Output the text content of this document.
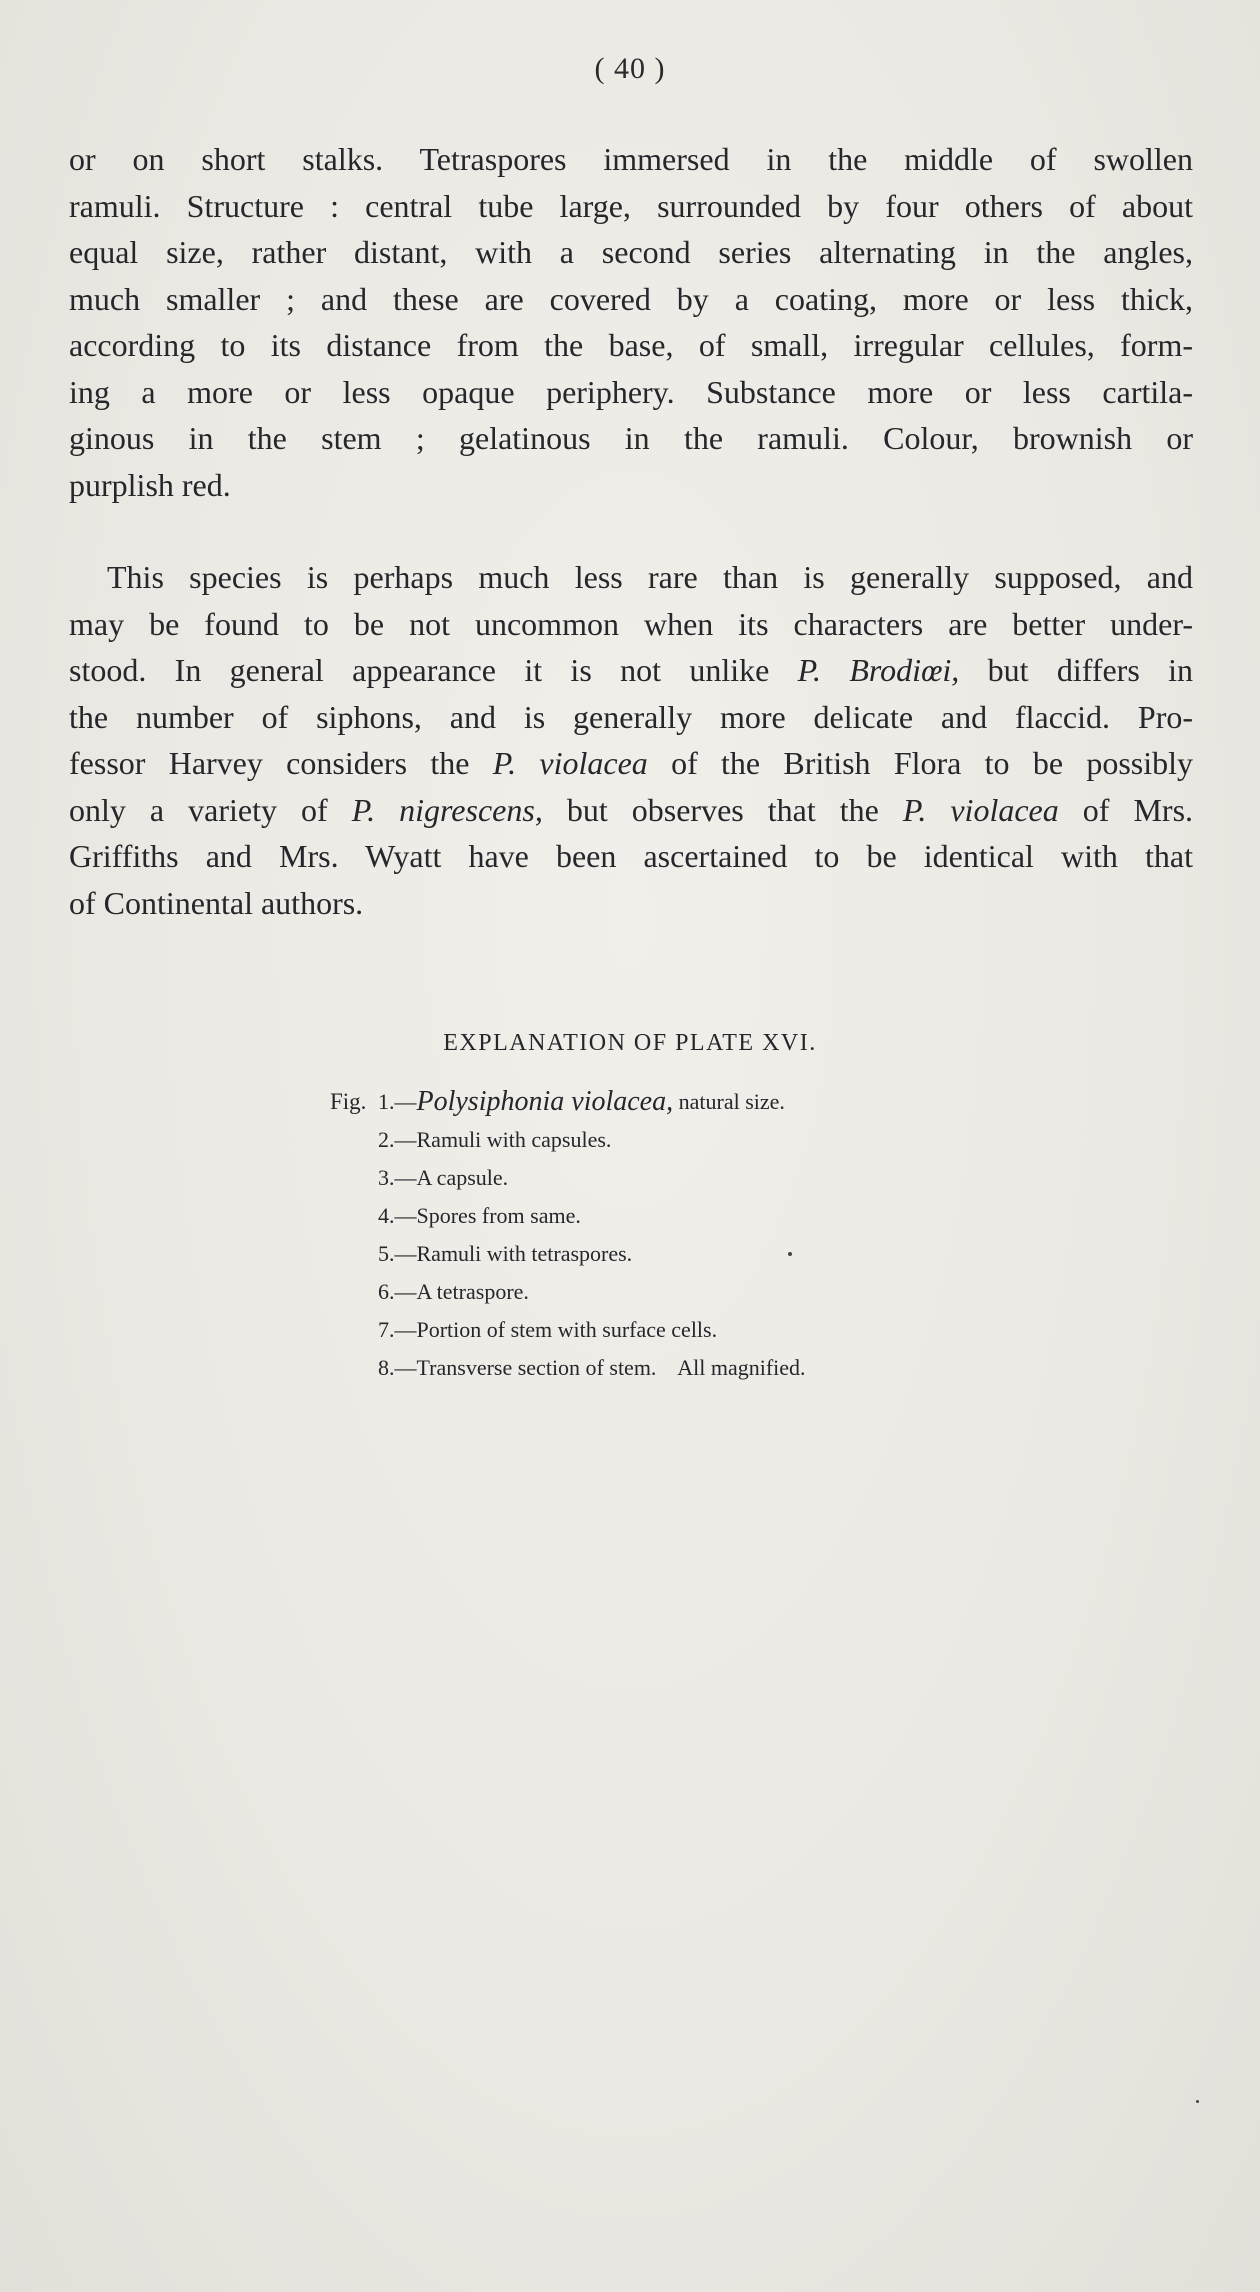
( 40 )
or on short stalks. Tetraspores immersed in the middle of swollen
ramuli. Structure : central tube large, surrounded by four others of about
equal size, rather distant, with a second series alternating in the angles,
much smaller ; and these are covered by a coating, more or less thick,
according to its distance from the base, of small, irregular cellules, form-
ing a more or less opaque periphery. Substance more or less cartila-
ginous in the stem ; gelatinous in the ramuli. Colour, brownish or
purplish red.
This species is perhaps much less rare than is generally supposed, and
may be found to be not uncommon when its characters are better under-
stood. In general appearance it is not unlike P. Brodiœi, but differs in
the number of siphons, and is generally more delicate and flaccid. Pro-
fessor Harvey considers the P. violacea of the British Flora to be possibly
only a variety of P. nigrescens, but observes that the P. violacea of Mrs.
Griffiths and Mrs. Wyatt have been ascertained to be identical with that
of Continental authors.
EXPLANATION OF PLATE XVI.
Fig. 1.— Polysiphonia violacea, natural size.
2.—Ramuli with capsules.
3.—A capsule.
4.—Spores from same.
5.—Ramuli with tetraspores.
6.—A tetraspore.
7.—Portion of stem with surface cells.
8.—Transverse section of stem.    All magnified.
